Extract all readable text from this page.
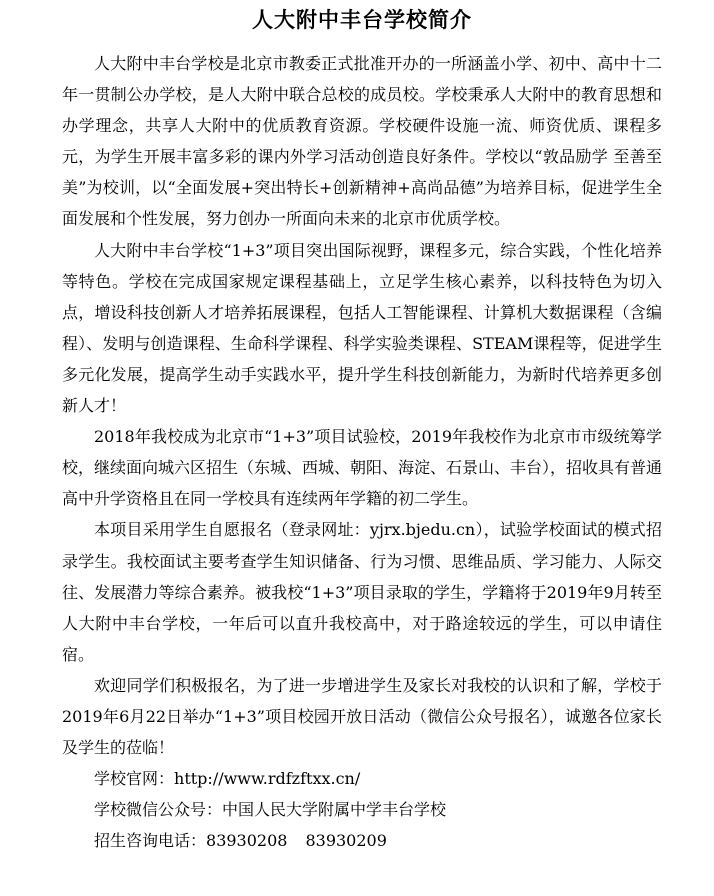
人大附中丰台学校简介

人大附中丰台学校是北京市教委正式批准开办的一所涵盖小学、初中、高中十二年一贯制公办学校，是人大附中联合总校的成员校。学校秉承人大附中的教育思想和办学理念，共享人大附中的优质教育资源。学校硬件设施一流、师资优质、课程多元，为学生开展丰富多彩的课内外学习活动创造良好条件。学校以“敦品励学 至善至美”为校训，以“全面发展+突出特长+创新精神+高尚品德”为培养目标，促进学生全面发展和个性发展，努力创办一所面向未来的北京市优质学校。

人大附中丰台学校“1+3”项目突出国际视野，课程多元，综合实践，个性化培养等特色。学校在完成国家规定课程基础上，立足学生核心素养，以科技特色为切入点，增设科技创新人才培养拓展课程，包括人工智能课程、计算机大数据课程（含编程）、发明与创造课程、生命科学课程、科学实验类课程、STEAM课程等，促进学生多元化发展，提高学生动手实践水平，提升学生科技创新能力，为新时代培养更多创新人才！

2018年我校成为北京市“1+3”项目试验校，2019年我校作为北京市市级统筹学校，继续面向城六区招生（东城、西城、朝阳、海淀、石景山、丰台），招收具有普通高中升学资格且在同一学校具有连续两年学籍的初二学生。

本项目采用学生自愿报名（登录网址：yjrx.bjedu.cn），试验学校面试的模式招录学生。我校面试主要考查学生知识储备、行为习惯、思维品质、学习能力、人际交往、发展潜力等综合素养。被我校“1+3”项目录取的学生，学籍将于2019年9月转至人大附中丰台学校，一年后可以直升我校高中，对于路途较远的学生，可以申请住宿。

欢迎同学们积极报名，为了进一步增进学生及家长对我校的认识和了解，学校于2019年6月22日举办“1+3”项目校园开放日活动（微信公众号报名），诚邀各位家长及学生的莅临！

学校官网：http://www.rdfzftxx.cn/

学校微信公众号：中国人民大学附属中学丰台学校

招生咨询电话：83930208 83930209
